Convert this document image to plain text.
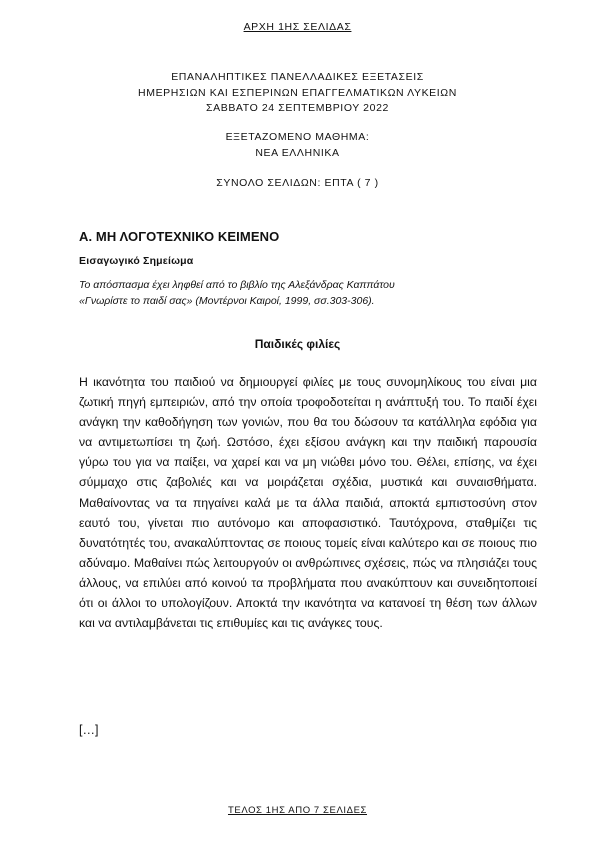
ΑΡΧΗ 1ΗΣ ΣΕΛΙΔΑΣ
ΕΠΑΝΑΛΗΠΤΙΚΕΣ ΠΑΝΕΛΛΑΔΙΚΕΣ ΕΞΕΤΑΣΕΙΣ
ΗΜΕΡΗΣΙΩΝ ΚΑΙ ΕΣΠΕΡΙΝΩΝ ΕΠΑΓΓΕΛΜΑΤΙΚΩΝ ΛΥΚΕΙΩΝ
ΣΑΒΒΑΤΟ 24 ΣΕΠΤΕΜΒΡΙΟΥ 2022
ΕΞΕΤΑΖΟΜΕΝΟ ΜΑΘΗΜΑ:
ΝΕΑ ΕΛΛΗΝΙΚΑ
ΣΥΝΟΛΟ ΣΕΛΙΔΩΝ: ΕΠΤΑ ( 7 )
Α. ΜΗ ΛΟΓΟΤΕΧΝΙΚΟ ΚΕΙΜΕΝΟ
Εισαγωγικό Σημείωμα
Το απόσπασμα έχει ληφθεί από το βιβλίο της Αλεξάνδρας Καππάτου
«Γνωρίστε το παιδί σας» (Μοντέρνοι Καιροί, 1999, σσ.303-306).
Παιδικές φιλίες
Η ικανότητα του παιδιού να δημιουργεί φιλίες με τους συνομηλίκους του είναι μια ζωτική πηγή εμπειριών, από την οποία τροφοδοτείται η ανάπτυξή του. Το παιδί έχει ανάγκη την καθοδήγηση των γονιών, που θα του δώσουν τα κατάλληλα εφόδια για να αντιμετωπίσει τη ζωή. Ωστόσο, έχει εξίσου ανάγκη και την παιδική παρουσία γύρω του για να παίξει, να χαρεί και να μη νιώθει μόνο του. Θέλει, επίσης, να έχει σύμμαχο στις ζαβολιές και να μοιράζεται σχέδια, μυστικά και συναισθήματα. Μαθαίνοντας να τα πηγαίνει καλά με τα άλλα παιδιά, αποκτά εμπιστοσύνη στον εαυτό του, γίνεται πιο αυτόνομο και αποφασιστικό. Ταυτόχρονα, σταθμίζει τις δυνατότητές του, ανακαλύπτοντας σε ποιους τομείς είναι καλύτερο και σε ποιους πιο αδύναμο. Μαθαίνει πώς λειτουργούν οι ανθρώπινες σχέσεις, πώς να πλησιάζει τους άλλους, να επιλύει από κοινού τα προβλήματα που ανακύπτουν και συνειδητοποιεί ότι οι άλλοι το υπολογίζουν. Αποκτά την ικανότητα να κατανοεί τη θέση των άλλων και να αντιλαμβάνεται τις επιθυμίες και τις ανάγκες τους.
[…]
ΤΕΛΟΣ 1ΗΣ ΑΠΟ 7 ΣΕΛΙΔΕΣ
